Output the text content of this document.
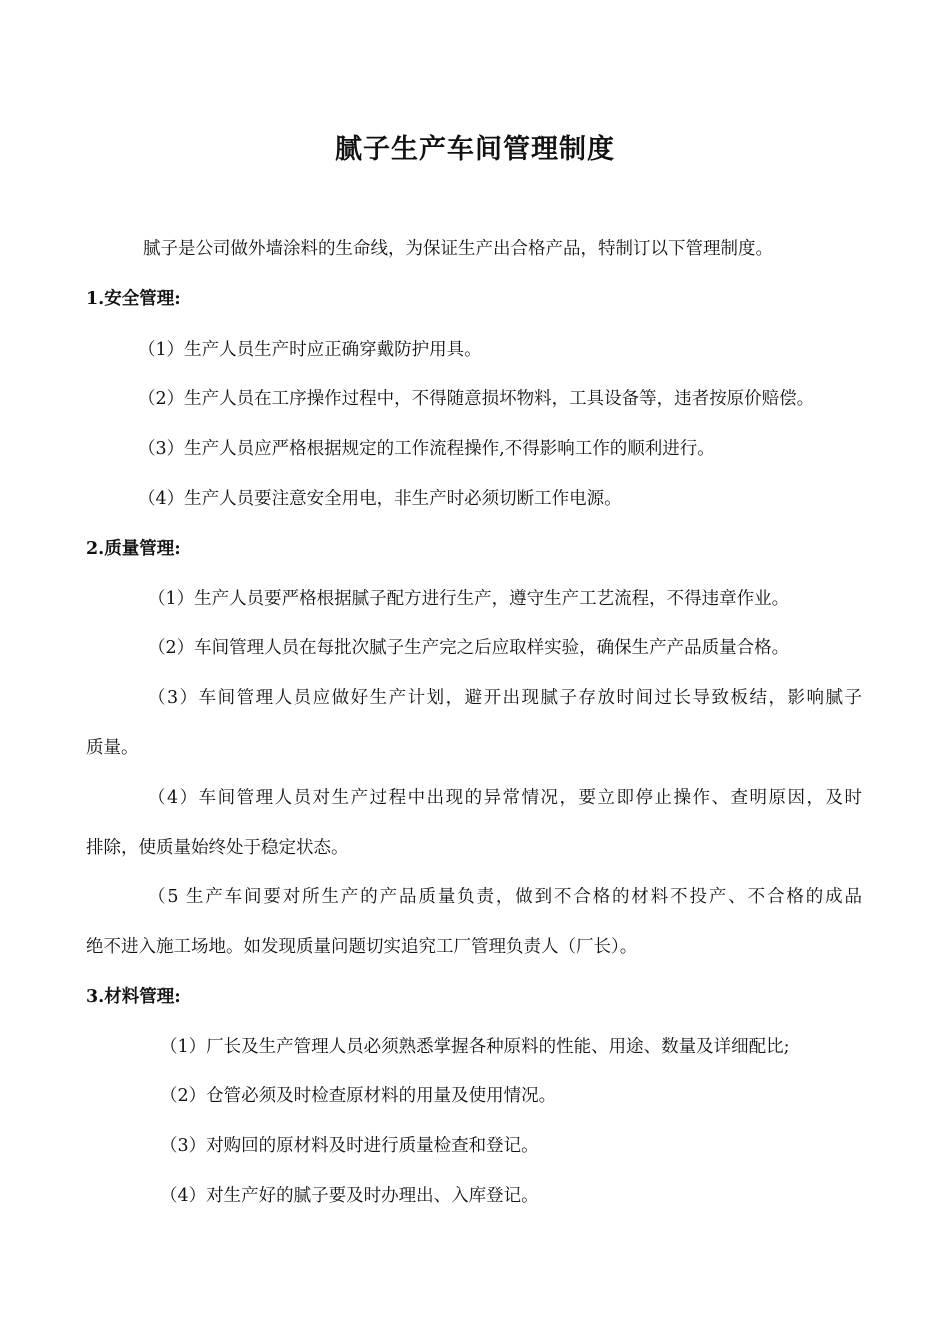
腻子生产车间管理制度
腻子是公司做外墙涂料的生命线，为保证生产出合格产品，特制订以下管理制度。
1.安全管理:
（1）生产人员生产时应正确穿戴防护用具。
（2）生产人员在工序操作过程中，不得随意损坏物料，工具设备等，违者按原价赔偿。
（3）生产人员应严格根据规定的工作流程操作,不得影响工作的顺利进行。
（4）生产人员要注意安全用电，非生产时必须切断工作电源。
2.质量管理:
（1）生产人员要严格根据腻子配方进行生产，遵守生产工艺流程，不得违章作业。
（2）车间管理人员在每批次腻子生产完之后应取样实验，确保生产产品质量合格。
（3）车间管理人员应做好生产计划，避开出现腻子存放时间过长导致板结，影响腻子
质量。
（4）车间管理人员对生产过程中出现的异常情况，要立即停止操作、查明原因，及时
排除，使质量始终处于稳定状态。
（5 生产车间要对所生产的产品质量负责，做到不合格的材料不投产、不合格的成品
绝不进入施工场地。如发现质量问题切实追究工厂管理负责人（厂长）。
3.材料管理:
（1）厂长及生产管理人员必须熟悉掌握各种原料的性能、用途、数量及详细配比;
（2）仓管必须及时检查原材料的用量及使用情况。
（3）对购回的原材料及时进行质量检查和登记。
（4）对生产好的腻子要及时办理出、入库登记。
